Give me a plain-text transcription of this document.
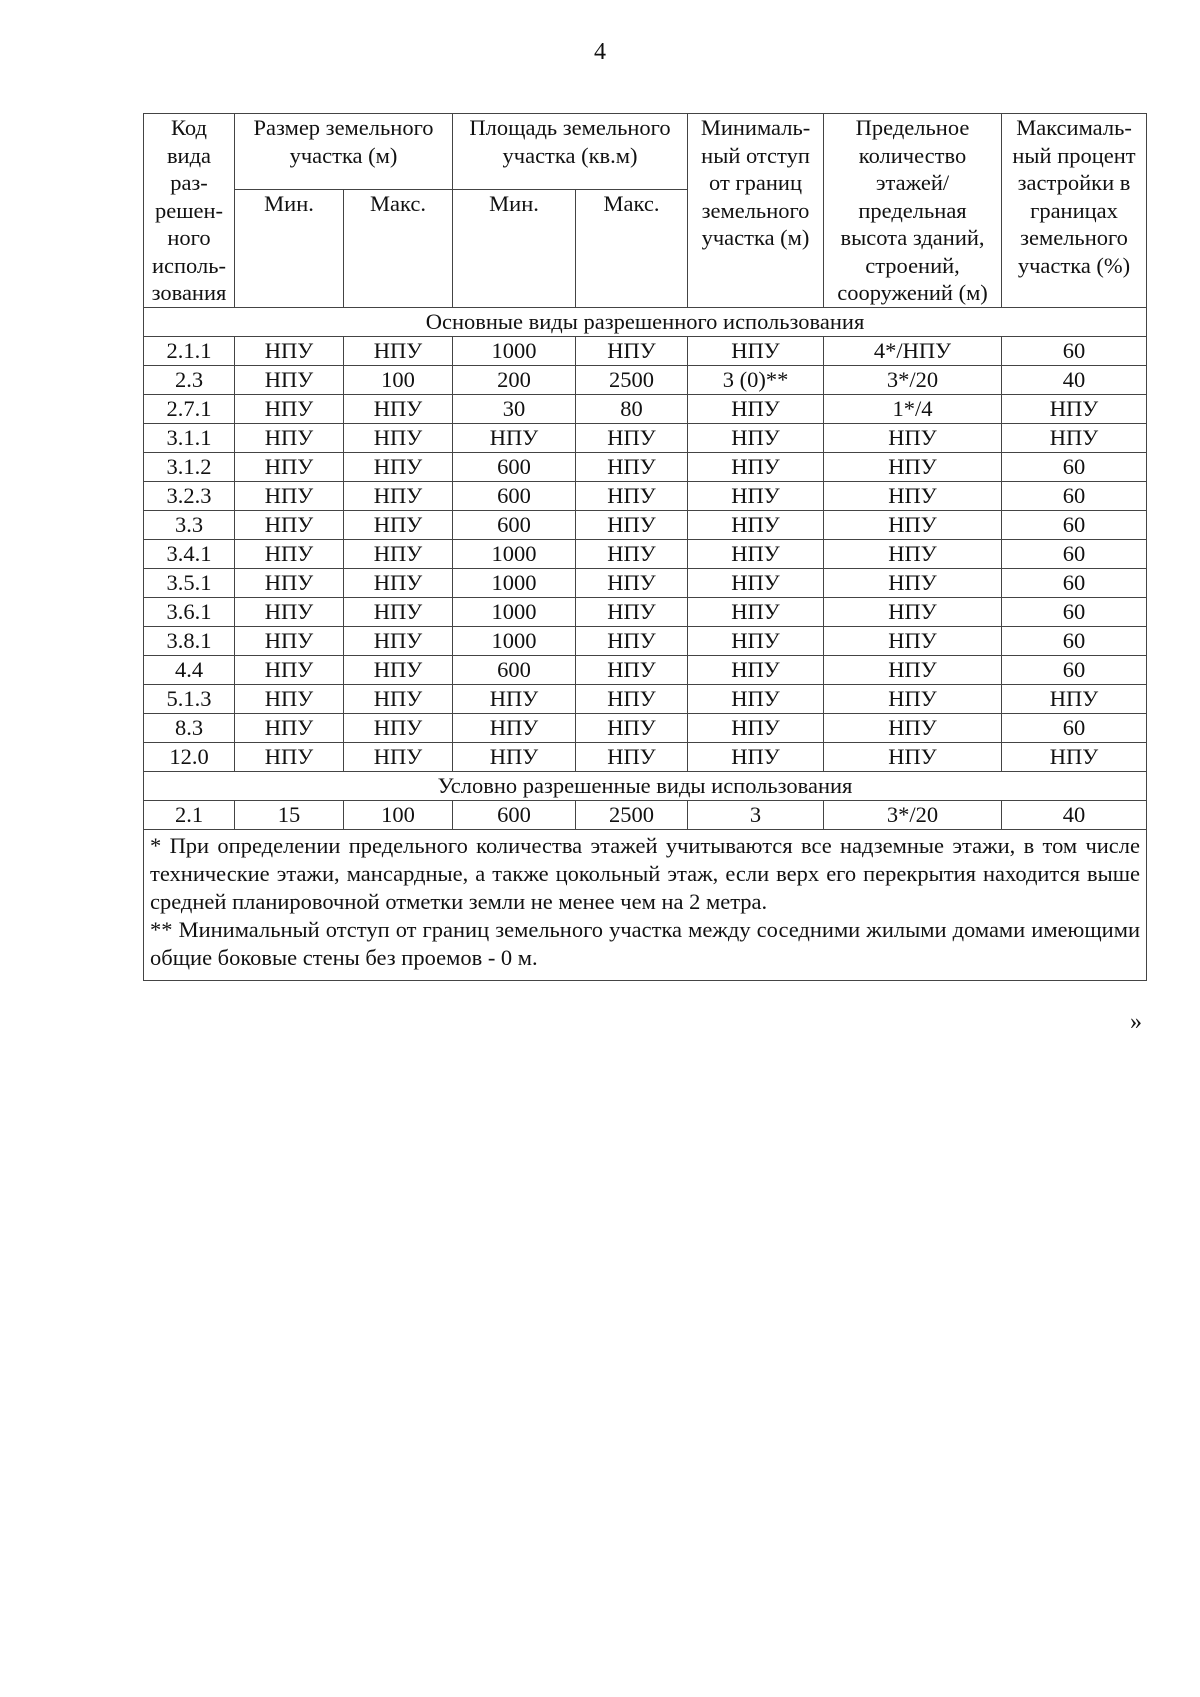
4
Код вида раз-решен-ного исполь-зования	Размер земельного участка (м)		Площадь земельного участка (кв.м)		Минималь-ный отступ от границ земельного участка (м)	Предельное количество этажей/ предельная высота зданий, строений, сооружений (м)	Максималь-ный процент застройки в границах земельного участка (%)
	Мин.	Макс.	Мин.	Макс.			
Основные виды разрешенного использования							
2.1.1	НПУ	НПУ	1000	НПУ	НПУ	4*/НПУ	60
2.3	НПУ	100	200	2500	3 (0)**	3*/20	40
2.7.1	НПУ	НПУ	30	80	НПУ	1*/4	НПУ
3.1.1	НПУ	НПУ	НПУ	НПУ	НПУ	НПУ	НПУ
3.1.2	НПУ	НПУ	600	НПУ	НПУ	НПУ	60
3.2.3	НПУ	НПУ	600	НПУ	НПУ	НПУ	60
3.3	НПУ	НПУ	600	НПУ	НПУ	НПУ	60
3.4.1	НПУ	НПУ	1000	НПУ	НПУ	НПУ	60
3.5.1	НПУ	НПУ	1000	НПУ	НПУ	НПУ	60
3.6.1	НПУ	НПУ	1000	НПУ	НПУ	НПУ	60
3.8.1	НПУ	НПУ	1000	НПУ	НПУ	НПУ	60
4.4	НПУ	НПУ	600	НПУ	НПУ	НПУ	60
5.1.3	НПУ	НПУ	НПУ	НПУ	НПУ	НПУ	НПУ
8.3	НПУ	НПУ	НПУ	НПУ	НПУ	НПУ	60
12.0	НПУ	НПУ	НПУ	НПУ	НПУ	НПУ	НПУ
Условно разрешенные виды использования							
2.1	15	100	600	2500	3	3*/20	40

* При определении предельного количества этажей учитываются все надземные этажи, в том числе технические этажи, мансардные, а также цокольный этаж, если верх его перекрытия находится выше средней планировочной отметки земли не менее чем на 2 метра.
** Минимальный отступ от границ земельного участка между соседними жилыми домами имеющими общие боковые стены без проемов - 0 м.							
»
